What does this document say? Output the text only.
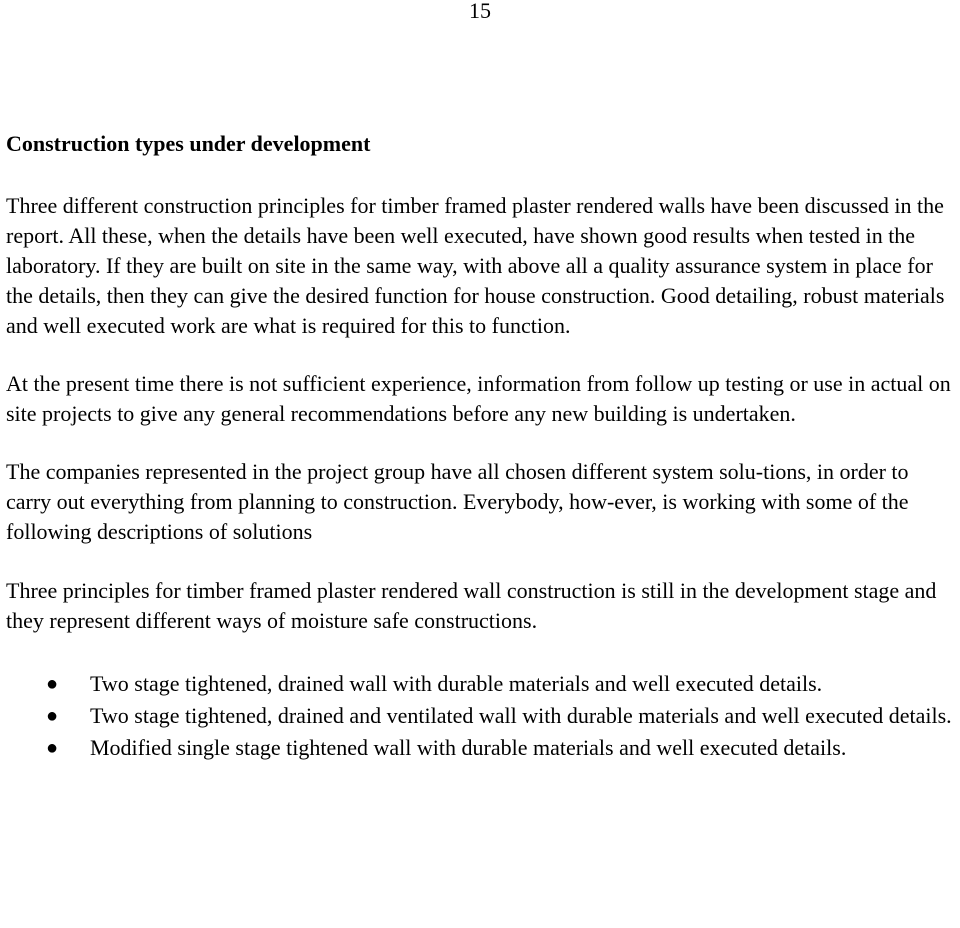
15
Construction types under development

Three different construction principles for timber framed plaster rendered walls have been discussed in the report. All these, when the details have been well executed, have shown good results when tested in the laboratory. If they are built on site in the same way, with above all a quality assurance system in place for the details, then they can give the desired function for house construction. Good detailing, robust materials and well executed work are what is required for this to function.

At the present time there is not sufficient experience, information from follow up testing or use in actual on site projects to give any general recommendations before any new building is undertaken.

The companies represented in the project group have all chosen different system solu-tions, in order to carry out everything from planning to construction. Everybody, how-ever, is working with some of the following descriptions of solutions

Three principles for timber framed plaster rendered wall construction is still in the development stage and they represent different ways of moisture safe constructions.

● Two stage tightened, drained wall with durable materials and well executed details.
● Two stage tightened, drained and ventilated wall with durable materials and well executed details.
● Modified single stage tightened wall with durable materials and well executed details.
